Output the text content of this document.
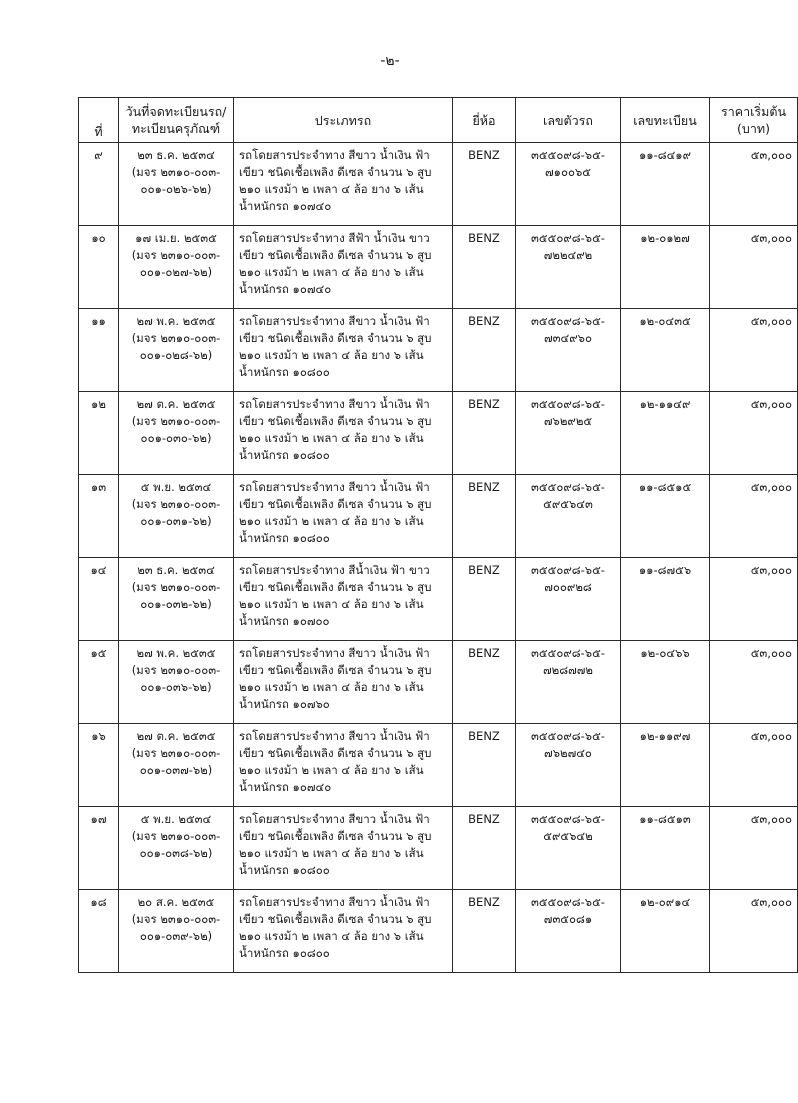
-๒-
ที่	วันที่จดทะเบียนรถ/
ทะเบียนครุภัณฑ์	ประเภทรถ	ยี่ห้อ	เลขตัวรถ	เลขทะเบียน	ราคาเริ่มต้น
(บาท)

๙	๒๓ ธ.ค. ๒๕๓๔
(มจร ๒๓๑๐-๐๐๓-
๐๐๑-๐๒๖-๖๒)	รถโดยสารประจำทาง สีขาว น้ำเงิน ฟ้า
เขียว ชนิดเชื้อเพลิง ดีเซล จำนวน ๖ สูบ
๒๑๐ แรงม้า ๒ เพลา ๔ ล้อ ยาง ๖ เส้น
น้ำหนักรถ ๑๐๗๔๐	BENZ	๓๕๕๐๙๘-๖๕-
๗๑๐๐๖๕	๑๑-๘๔๑๙	๕๓,๐๐๐

๑๐	๑๗ เม.ย. ๒๕๓๕
(มจร ๒๓๑๐-๐๐๓-
๐๐๑-๐๒๗-๖๒)	รถโดยสารประจำทาง สีฟ้า น้ำเงิน ขาว
เขียว ชนิดเชื้อเพลิง ดีเซล จำนวน ๖ สูบ
๒๑๐ แรงม้า ๒ เพลา ๔ ล้อ ยาง ๖ เส้น
น้ำหนักรถ ๑๐๗๔๐	BENZ	๓๕๕๐๙๘-๖๕-
๗๒๒๔๙๒	๑๒-๐๑๒๗	๕๓,๐๐๐

๑๑	๒๗ พ.ค. ๒๕๓๕
(มจร ๒๓๑๐-๐๐๓-
๐๐๑-๐๒๘-๖๒)	รถโดยสารประจำทาง สีขาว น้ำเงิน ฟ้า
เขียว ชนิดเชื้อเพลิง ดีเซล จำนวน ๖ สูบ
๒๑๐ แรงม้า ๒ เพลา ๔ ล้อ ยาง ๖ เส้น
น้ำหนักรถ ๑๐๘๐๐	BENZ	๓๕๕๐๙๘-๖๕-
๗๓๔๙๖๐	๑๒-๐๔๓๕	๕๓,๐๐๐

๑๒	๒๗ ต.ค. ๒๕๓๕
(มจร ๒๓๑๐-๐๐๓-
๐๐๑-๐๓๐-๖๒)	รถโดยสารประจำทาง สีขาว น้ำเงิน ฟ้า
เขียว ชนิดเชื้อเพลิง ดีเซล จำนวน ๖ สูบ
๒๑๐ แรงม้า ๒ เพลา ๔ ล้อ ยาง ๖ เส้น
น้ำหนักรถ ๑๐๘๐๐	BENZ	๓๕๕๐๙๘-๖๕-
๗๖๒๙๒๕	๑๒-๑๑๔๙	๕๓,๐๐๐

๑๓	๕ พ.ย. ๒๕๓๔
(มจร ๒๓๑๐-๐๐๓-
๐๐๑-๐๓๑-๖๒)	รถโดยสารประจำทาง สีขาว น้ำเงิน ฟ้า
เขียว ชนิดเชื้อเพลิง ดีเซล จำนวน ๖ สูบ
๒๑๐ แรงม้า ๒ เพลา ๔ ล้อ ยาง ๖ เส้น
น้ำหนักรถ ๑๐๘๐๐	BENZ	๓๕๕๐๙๘-๖๕-
๕๙๕๖๔๓	๑๑-๘๕๑๕	๕๓,๐๐๐

๑๔	๒๓ ธ.ค. ๒๕๓๔
(มจร ๒๓๑๐-๐๐๓-
๐๐๑-๐๓๒-๖๒)	รถโดยสารประจำทาง สีน้ำเงิน ฟ้า ขาว
เขียว ชนิดเชื้อเพลิง ดีเซล จำนวน ๖ สูบ
๒๑๐ แรงม้า ๒ เพลา ๔ ล้อ ยาง ๖ เส้น
น้ำหนักรถ ๑๐๗๐๐	BENZ	๓๕๕๐๙๘-๖๕-
๗๐๐๙๒๘	๑๑-๘๗๕๖	๕๓,๐๐๐

๑๕	๒๗ พ.ค. ๒๕๓๕
(มจร ๒๓๑๐-๐๐๓-
๐๐๑-๐๓๖-๖๒)	รถโดยสารประจำทาง สีขาว น้ำเงิน ฟ้า
เขียว ชนิดเชื้อเพลิง ดีเซล จำนวน ๖ สูบ
๒๑๐ แรงม้า ๒ เพลา ๔ ล้อ ยาง ๖ เส้น
น้ำหนักรถ ๑๐๗๖๐	BENZ	๓๕๕๐๙๘-๖๕-
๗๒๘๗๗๒	๑๒-๐๔๖๖	๕๓,๐๐๐

๑๖	๒๗ ต.ค. ๒๕๓๕
(มจร ๒๓๑๐-๐๐๓-
๐๐๑-๐๓๗-๖๒)	รถโดยสารประจำทาง สีขาว น้ำเงิน ฟ้า
เขียว ชนิดเชื้อเพลิง ดีเซล จำนวน ๖ สูบ
๒๑๐ แรงม้า ๒ เพลา ๔ ล้อ ยาง ๖ เส้น
น้ำหนักรถ ๑๐๗๔๐	BENZ	๓๕๕๐๙๘-๖๕-
๗๖๒๗๔๐	๑๒-๑๑๙๗	๕๓,๐๐๐

๑๗	๕ พ.ย. ๒๕๓๔
(มจร ๒๓๑๐-๐๐๓-
๐๐๑-๐๓๘-๖๒)	รถโดยสารประจำทาง สีขาว น้ำเงิน ฟ้า
เขียว ชนิดเชื้อเพลิง ดีเซล จำนวน ๖ สูบ
๒๑๐ แรงม้า ๒ เพลา ๔ ล้อ ยาง ๖ เส้น
น้ำหนักรถ ๑๐๘๐๐	BENZ	๓๕๕๐๙๘-๖๕-
๕๙๕๖๔๒	๑๑-๘๕๑๓	๕๓,๐๐๐

๑๘	๒๐ ส.ค. ๒๕๓๕
(มจร ๒๓๑๐-๐๐๓-
๐๐๑-๐๓๙-๖๒)	รถโดยสารประจำทาง สีขาว น้ำเงิน ฟ้า
เขียว ชนิดเชื้อเพลิง ดีเซล จำนวน ๖ สูบ
๒๑๐ แรงม้า ๒ เพลา ๔ ล้อ ยาง ๖ เส้น
น้ำหนักรถ ๑๐๘๐๐	BENZ	๓๕๕๐๙๘-๖๕-
๗๓๕๐๘๑	๑๒-๐๙๑๔	๕๓,๐๐๐
